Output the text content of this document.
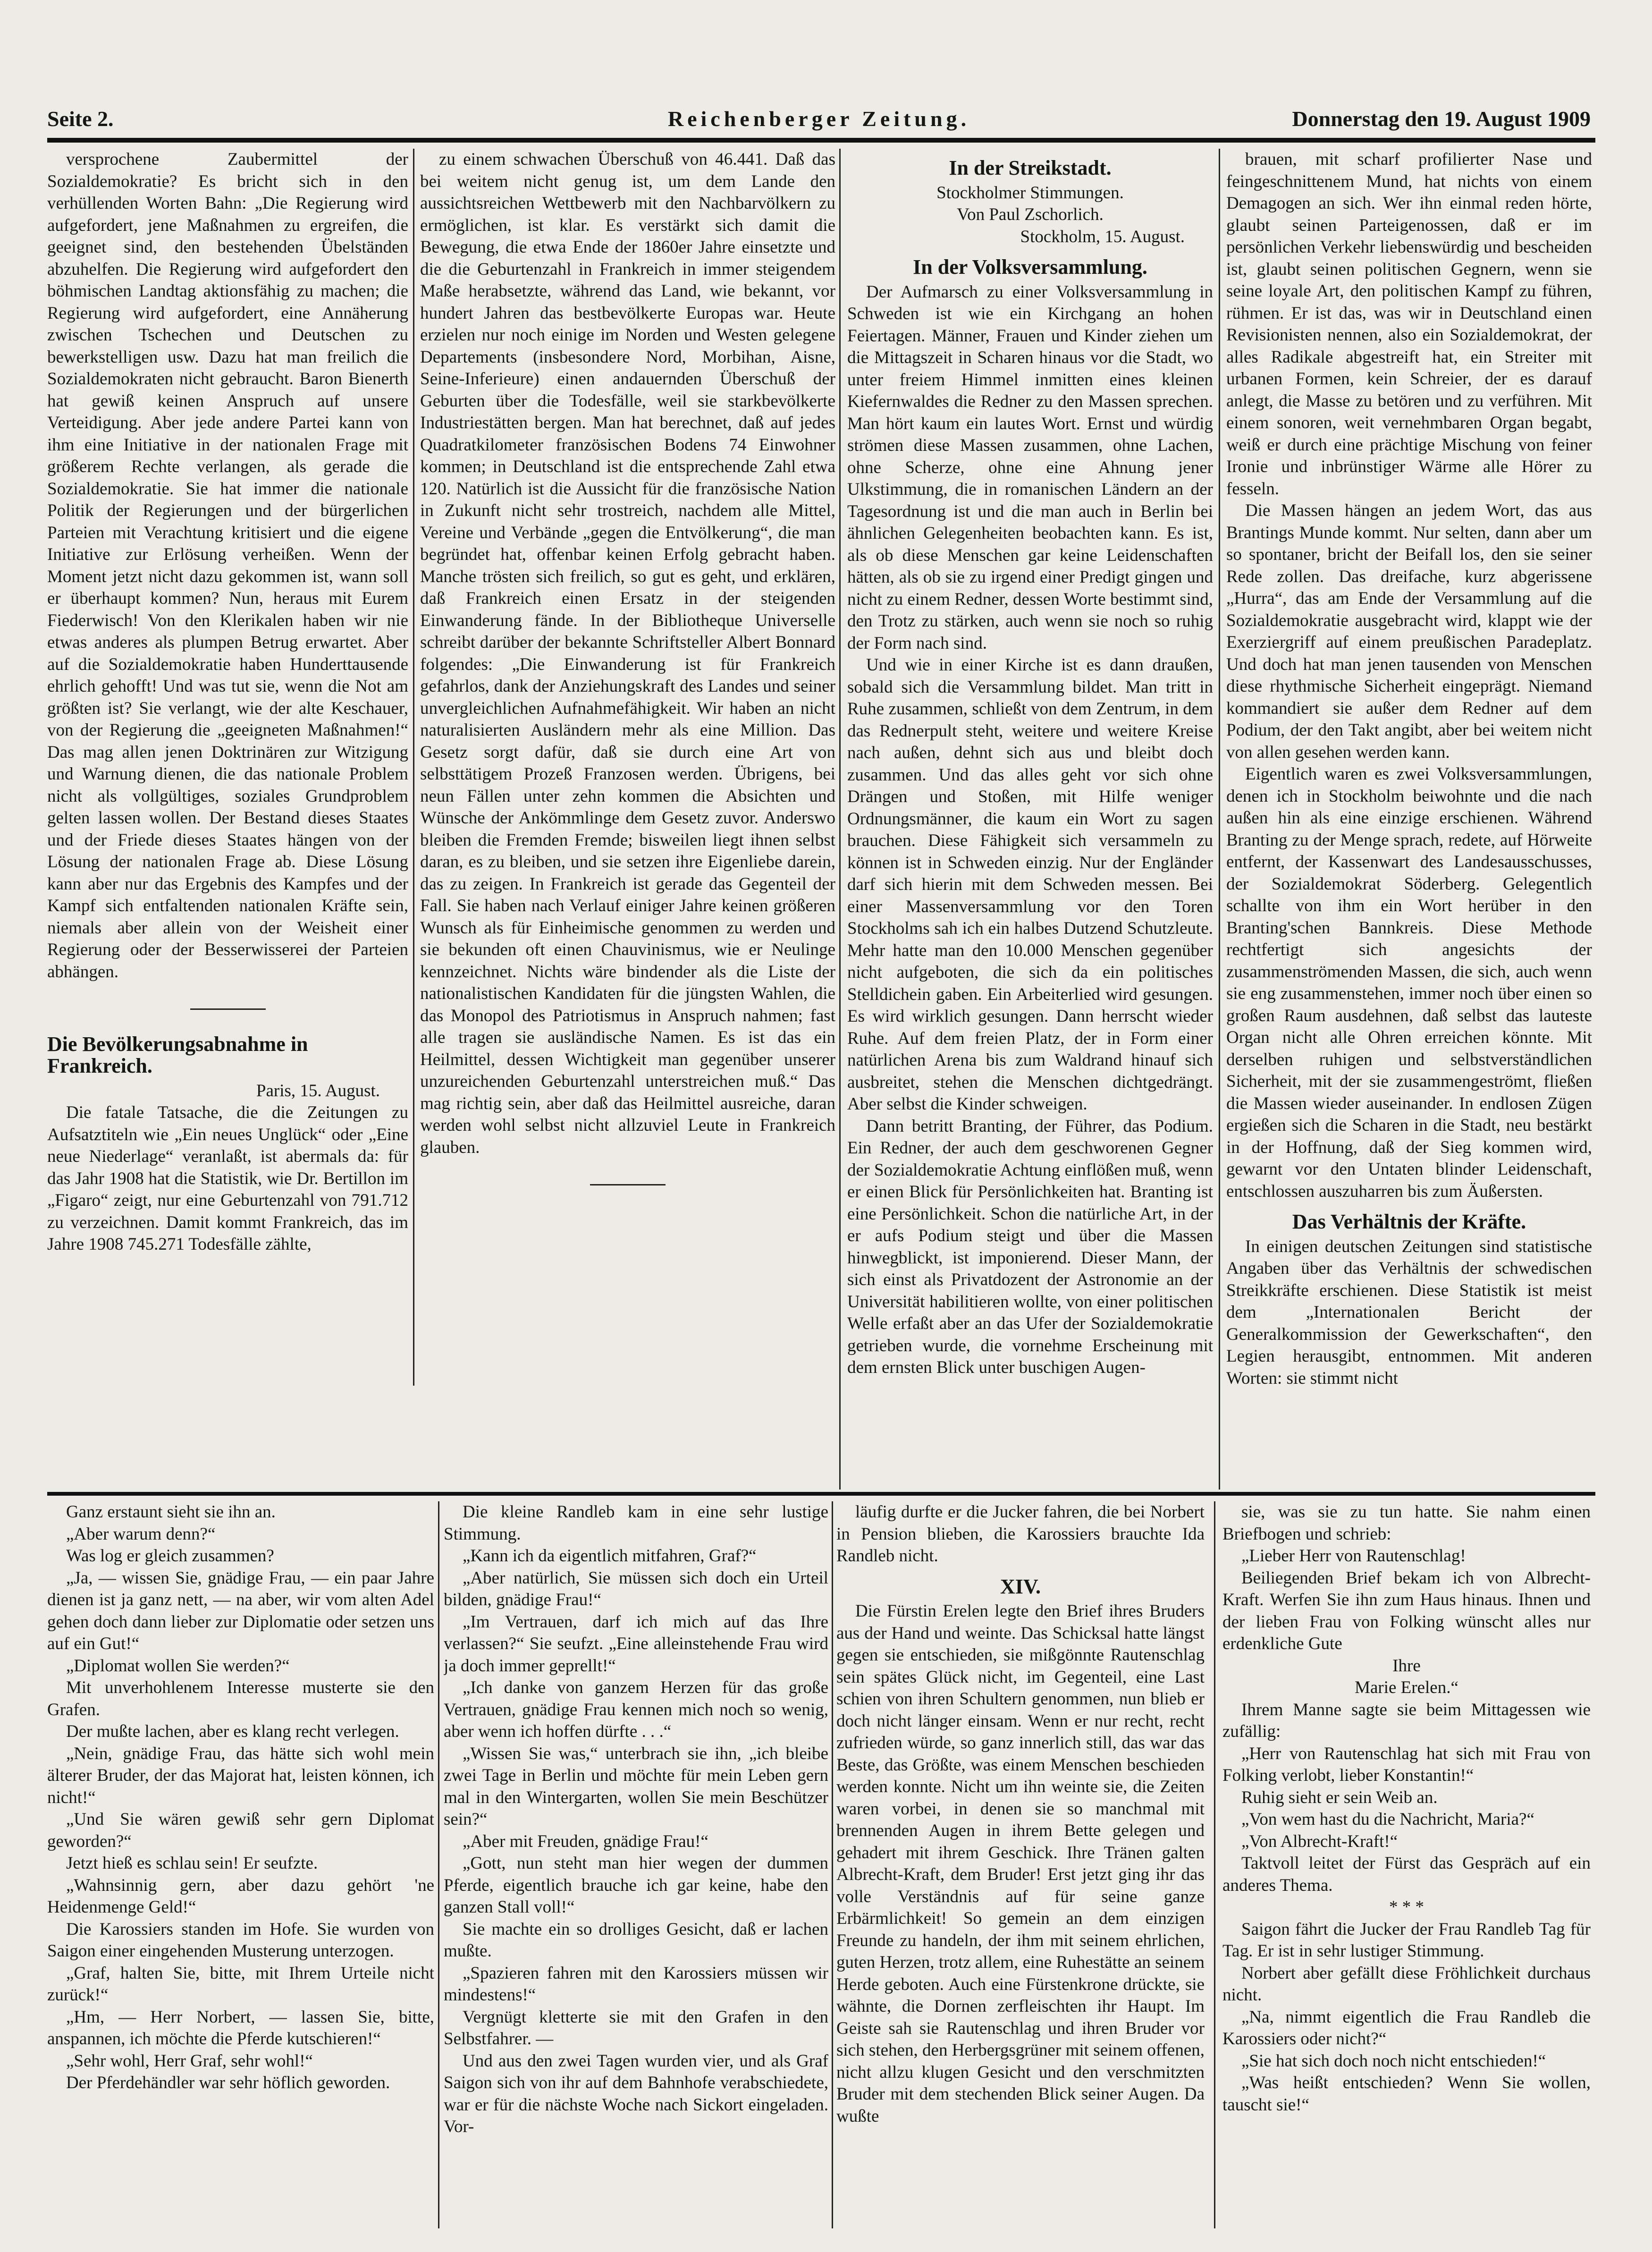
Seite 2.	Reichenberger Zeitung.	Donnerstag den 19. August 1909

versprochene Zaubermittel der Sozialdemokratie? Es bricht sich in den verhüllenden Worten Bahn: „Die Regierung wird aufgefordert, jene Maßnahmen zu ergreifen, die geeignet sind, den bestehenden Übelständen abzuhelfen. Die Regierung wird aufgefordert den böhmischen Landtag aktionsfähig zu machen; die Regierung wird aufgefordert, eine Annäherung zwischen Tschechen und Deutschen zu bewerkstelligen usw. Dazu hat man freilich die Sozialdemokraten nicht gebraucht. Baron Bienerth hat gewiß keinen Anspruch auf unsere Verteidigung. Aber jede andere Partei kann von ihm eine Initiative in der nationalen Frage mit größerem Rechte verlangen, als gerade die Sozialdemokratie. Sie hat immer die nationale Politik der Regierungen und der bürgerlichen Parteien mit Verachtung kritisiert und die eigene Initiative zur Erlösung verheißen. Wenn der Moment jetzt nicht dazu gekommen ist, wann soll er überhaupt kommen? Nun, heraus mit Eurem Fiederwisch! Von den Klerikalen haben wir nie etwas anderes als plumpen Betrug erwartet. Aber auf die Sozialdemokratie haben Hunderttausende ehrlich gehofft! Und was tut sie, wenn die Not am größten ist? Sie verlangt, wie der alte Keschauer, von der Regierung die „geeigneten Maßnahmen!“ Das mag allen jenen Doktrinären zur Witzigung und Warnung dienen, die das nationale Problem nicht als vollgültiges, soziales Grundproblem gelten lassen wollen. Der Bestand dieses Staates und der Friede dieses Staates hängen von der Lösung der nationalen Frage ab. Diese Lösung kann aber nur das Ergebnis des Kampfes und der Kampf sich entfaltenden nationalen Kräfte sein, niemals aber allein von der Weisheit einer Regierung oder der Besserwisserei der Parteien abhängen.

Die Bevölkerungsabnahme in Frankreich.

Paris, 15. August.

Die fatale Tatsache, die die Zeitungen zu Aufsatztiteln wie „Ein neues Unglück“ oder „Eine neue Niederlage“ veranlaßt, ist abermals da: für das Jahr 1908 hat die Statistik, wie Dr. Bertillon im „Figaro“ zeigt, nur eine Geburtenzahl von 791.712 zu verzeichnen. Damit kommt Frankreich, das im Jahre 1908 745.271 Todesfälle zählte,

zu einem schwachen Überschuß von 46.441. Daß das bei weitem nicht genug ist, um dem Lande den aussichtsreichen Wettbewerb mit den Nachbarvölkern zu ermöglichen, ist klar. Es verstärkt sich damit die Bewegung, die etwa Ende der 1860er Jahre einsetzte und die die Geburtenzahl in Frankreich in immer steigendem Maße herabsetzte, während das Land, wie bekannt, vor hundert Jahren das bestbevölkerte Europas war. Heute erzielen nur noch einige im Norden und Westen gelegene Departements (insbesondere Nord, Morbihan, Aisne, Seine-Inferieure) einen andauernden Überschuß der Geburten über die Todesfälle, weil sie starkbevölkerte Industriestätten bergen. Man hat berechnet, daß auf jedes Quadratkilometer französischen Bodens 74 Einwohner kommen; in Deutschland ist die entsprechende Zahl etwa 120. Natürlich ist die Aussicht für die französische Nation in Zukunft nicht sehr trostreich, nachdem alle Mittel, Vereine und Verbände „gegen die Entvölkerung“, die man begründet hat, offenbar keinen Erfolg gebracht haben. Manche trösten sich freilich, so gut es geht, und erklären, daß Frankreich einen Ersatz in der steigenden Einwanderung fände. In der Bibliotheque Universelle schreibt darüber der bekannte Schriftsteller Albert Bonnard folgendes: „Die Einwanderung ist für Frankreich gefahrlos, dank der Anziehungskraft des Landes und seiner unvergleichlichen Aufnahmefähigkeit. Wir haben an nicht naturalisierten Ausländern mehr als eine Million. Das Gesetz sorgt dafür, daß sie durch eine Art von selbsttätigem Prozeß Franzosen werden. Übrigens, bei neun Fällen unter zehn kommen die Absichten und Wünsche der Ankömmlinge dem Gesetz zuvor. Anderswo bleiben die Fremden Fremde; bisweilen liegt ihnen selbst daran, es zu bleiben, und sie setzen ihre Eigenliebe darein, das zu zeigen. In Frankreich ist gerade das Gegenteil der Fall. Sie haben nach Verlauf einiger Jahre keinen größeren Wunsch als für Einheimische genommen zu werden und sie bekunden oft einen Chauvinismus, wie er Neulinge kennzeichnet. Nichts wäre bindender als die Liste der nationalistischen Kandidaten für die jüngsten Wahlen, die das Monopol des Patriotismus in Anspruch nahmen; fast alle tragen sie ausländische Namen. Es ist das ein Heilmittel, dessen Wichtigkeit man gegenüber unserer unzureichenden Geburtenzahl unterstreichen muß.“ Das mag richtig sein, aber daß das Heilmittel ausreiche, daran werden wohl selbst nicht allzuviel Leute in Frankreich glauben.

In der Streikstadt.

Stockholmer Stimmungen.

Von Paul Zschorlich.

Stockholm, 15. August.

In der Volksversammlung.

Der Aufmarsch zu einer Volksversammlung in Schweden ist wie ein Kirchgang an hohen Feiertagen. Männer, Frauen und Kinder ziehen um die Mittagszeit in Scharen hinaus vor die Stadt, wo unter freiem Himmel inmitten eines kleinen Kiefernwaldes die Redner zu den Massen sprechen. Man hört kaum ein lautes Wort. Ernst und würdig strömen diese Massen zusammen, ohne Lachen, ohne Scherze, ohne eine Ahnung jener Ulkstimmung, die in romanischen Ländern an der Tagesordnung ist und die man auch in Berlin bei ähnlichen Gelegenheiten beobachten kann. Es ist, als ob diese Menschen gar keine Leidenschaften hätten, als ob sie zu irgend einer Predigt gingen und nicht zu einem Redner, dessen Worte bestimmt sind, den Trotz zu stärken, auch wenn sie noch so ruhig der Form nach sind.

Und wie in einer Kirche ist es dann draußen, sobald sich die Versammlung bildet. Man tritt in Ruhe zusammen, schließt von dem Zentrum, in dem das Rednerpult steht, weitere und weitere Kreise nach außen, dehnt sich aus und bleibt doch zusammen. Und das alles geht vor sich ohne Drängen und Stoßen, mit Hilfe weniger Ordnungsmänner, die kaum ein Wort zu sagen brauchen. Diese Fähigkeit sich versammeln zu können ist in Schweden einzig. Nur der Engländer darf sich hierin mit dem Schweden messen. Bei einer Massenversammlung vor den Toren Stockholms sah ich ein halbes Dutzend Schutzleute. Mehr hatte man den 10.000 Menschen gegenüber nicht aufgeboten, die sich da ein politisches Stelldichein gaben. Ein Arbeiterlied wird gesungen. Es wird wirklich gesungen. Dann herrscht wieder Ruhe. Auf dem freien Platz, der in Form einer natürlichen Arena bis zum Waldrand hinauf sich ausbreitet, stehen die Menschen dichtgedrängt. Aber selbst die Kinder schweigen.

Dann betritt Branting, der Führer, das Podium. Ein Redner, der auch dem geschworenen Gegner der Sozialdemokratie Achtung einflößen muß, wenn er einen Blick für Persönlichkeiten hat. Branting ist eine Persönlichkeit. Schon die natürliche Art, in der er aufs Podium steigt und über die Massen hinwegblickt, ist imponierend. Dieser Mann, der sich einst als Privatdozent der Astronomie an der Universität habilitieren wollte, von einer politischen Welle erfaßt aber an das Ufer der Sozialdemokratie getrieben wurde, die vornehme Erscheinung mit dem ernsten Blick unter buschigen Augen-

brauen, mit scharf profilierter Nase und feingeschnittenem Mund, hat nichts von einem Demagogen an sich. Wer ihn einmal reden hörte, glaubt seinen Parteigenossen, daß er im persönlichen Verkehr liebenswürdig und bescheiden ist, glaubt seinen politischen Gegnern, wenn sie seine loyale Art, den politischen Kampf zu führen, rühmen. Er ist das, was wir in Deutschland einen Revisionisten nennen, also ein Sozialdemokrat, der alles Radikale abgestreift hat, ein Streiter mit urbanen Formen, kein Schreier, der es darauf anlegt, die Masse zu betören und zu verführen. Mit einem sonoren, weit vernehmbaren Organ begabt, weiß er durch eine prächtige Mischung von feiner Ironie und inbrünstiger Wärme alle Hörer zu fesseln.

Die Massen hängen an jedem Wort, das aus Brantings Munde kommt. Nur selten, dann aber um so spontaner, bricht der Beifall los, den sie seiner Rede zollen. Das dreifache, kurz abgerissene „Hurra“, das am Ende der Versammlung auf die Sozialdemokratie ausgebracht wird, klappt wie der Exerziergriff auf einem preußischen Paradeplatz. Und doch hat man jenen tausenden von Menschen diese rhythmische Sicherheit eingeprägt. Niemand kommandiert sie außer dem Redner auf dem Podium, der den Takt angibt, aber bei weitem nicht von allen gesehen werden kann.

Eigentlich waren es zwei Volksversammlungen, denen ich in Stockholm beiwohnte und die nach außen hin als eine einzige erschienen. Während Branting zu der Menge sprach, redete, auf Hörweite entfernt, der Kassenwart des Landesausschusses, der Sozialdemokrat Söderberg. Gelegentlich schallte von ihm ein Wort herüber in den Branting'schen Bannkreis. Diese Methode rechtfertigt sich angesichts der zusammenströmenden Massen, die sich, auch wenn sie eng zusammenstehen, immer noch über einen so großen Raum ausdehnen, daß selbst das lauteste Organ nicht alle Ohren erreichen könnte. Mit derselben ruhigen und selbstverständlichen Sicherheit, mit der sie zusammengeströmt, fließen die Massen wieder auseinander. In endlosen Zügen ergießen sich die Scharen in die Stadt, neu bestärkt in der Hoffnung, daß der Sieg kommen wird, gewarnt vor den Untaten blinder Leidenschaft, entschlossen auszuharren bis zum Äußersten.

Das Verhältnis der Kräfte.

In einigen deutschen Zeitungen sind statistische Angaben über das Verhältnis der schwedischen Streikkräfte erschienen. Diese Statistik ist meist dem „Internationalen Bericht der Generalkommission der Gewerkschaften“, den Legien herausgibt, entnommen. Mit anderen Worten: sie stimmt nicht

Ganz erstaunt sieht sie ihn an.

„Aber warum denn?“

Was log er gleich zusammen?

„Ja, — wissen Sie, gnädige Frau, — ein paar Jahre dienen ist ja ganz nett, — na aber, wir vom alten Adel gehen doch dann lieber zur Diplomatie oder setzen uns auf ein Gut!“

„Diplomat wollen Sie werden?“

Mit unverhohlenem Interesse musterte sie den Grafen.

Der mußte lachen, aber es klang recht verlegen.

„Nein, gnädige Frau, das hätte sich wohl mein älterer Bruder, der das Majorat hat, leisten können, ich nicht!“

„Und Sie wären gewiß sehr gern Diplomat geworden?“

Jetzt hieß es schlau sein! Er seufzte.

„Wahnsinnig gern, aber dazu gehört 'ne Heidenmenge Geld!“

Die Karossiers standen im Hofe. Sie wurden von Saigon einer eingehenden Musterung unterzogen.

„Graf, halten Sie, bitte, mit Ihrem Urteile nicht zurück!“

„Hm, — Herr Norbert, — lassen Sie, bitte, anspannen, ich möchte die Pferde kutschieren!“

„Sehr wohl, Herr Graf, sehr wohl!“

Der Pferdehändler war sehr höflich geworden.

Die kleine Randleb kam in eine sehr lustige Stimmung.

„Kann ich da eigentlich mitfahren, Graf?“

„Aber natürlich, Sie müssen sich doch ein Urteil bilden, gnädige Frau!“

„Im Vertrauen, darf ich mich auf das Ihre verlassen?“ Sie seufzt. „Eine alleinstehende Frau wird ja doch immer geprellt!“

„Ich danke von ganzem Herzen für das große Vertrauen, gnädige Frau kennen mich noch so wenig, aber wenn ich hoffen dürfte . . .“

„Wissen Sie was,“ unterbrach sie ihn, „ich bleibe zwei Tage in Berlin und möchte für mein Leben gern mal in den Wintergarten, wollen Sie mein Beschützer sein?“

„Aber mit Freuden, gnädige Frau!“

„Gott, nun steht man hier wegen der dummen Pferde, eigentlich brauche ich gar keine, habe den ganzen Stall voll!“

Sie machte ein so drolliges Gesicht, daß er lachen mußte.

„Spazieren fahren mit den Karossiers müssen wir mindestens!“

Vergnügt kletterte sie mit den Grafen in den Selbstfahrer. —

Und aus den zwei Tagen wurden vier, und als Graf Saigon sich von ihr auf dem Bahnhofe verabschiedete, war er für die nächste Woche nach Sickort eingeladen. Vor-

läufig durfte er die Jucker fahren, die bei Norbert in Pension blieben, die Karossiers brauchte Ida Randleb nicht.

XIV.

Die Fürstin Erelen legte den Brief ihres Bruders aus der Hand und weinte. Das Schicksal hatte längst gegen sie entschieden, sie mißgönnte Rautenschlag sein spätes Glück nicht, im Gegenteil, eine Last schien von ihren Schultern genommen, nun blieb er doch nicht länger einsam. Wenn er nur recht, recht zufrieden würde, so ganz innerlich still, das war das Beste, das Größte, was einem Menschen beschieden werden konnte. Nicht um ihn weinte sie, die Zeiten waren vorbei, in denen sie so manchmal mit brennenden Augen in ihrem Bette gelegen und gehadert mit ihrem Geschick. Ihre Tränen galten Albrecht-Kraft, dem Bruder! Erst jetzt ging ihr das volle Verständnis auf für seine ganze Erbärmlichkeit! So gemein an dem einzigen Freunde zu handeln, der ihm mit seinem ehrlichen, guten Herzen, trotz allem, eine Ruhestätte an seinem Herde geboten. Auch eine Fürstenkrone drückte, sie wähnte, die Dornen zerfleischten ihr Haupt. Im Geiste sah sie Rautenschlag und ihren Bruder vor sich stehen, den Herbergsgrüner mit seinem offenen, nicht allzu klugen Gesicht und den verschmitzten Bruder mit dem stechenden Blick seiner Augen. Da wußte

sie, was sie zu tun hatte. Sie nahm einen Briefbogen und schrieb:

„Lieber Herr von Rautenschlag!

Beiliegenden Brief bekam ich von Albrecht-Kraft. Werfen Sie ihn zum Haus hinaus. Ihnen und der lieben Frau von Folking wünscht alles nur erdenkliche Gute

Ihre

Marie Erelen.“

Ihrem Manne sagte sie beim Mittagessen wie zufällig:

„Herr von Rautenschlag hat sich mit Frau von Folking verlobt, lieber Konstantin!“

Ruhig sieht er sein Weib an.

„Von wem hast du die Nachricht, Maria?“

„Von Albrecht-Kraft!“

Taktvoll leitet der Fürst das Gespräch auf ein anderes Thema.

* * *

Saigon fährt die Jucker der Frau Randleb Tag für Tag. Er ist in sehr lustiger Stimmung.

Norbert aber gefällt diese Fröhlichkeit durchaus nicht.

„Na, nimmt eigentlich die Frau Randleb die Karossiers oder nicht?“

„Sie hat sich doch noch nicht entschieden!“

„Was heißt entschieden? Wenn Sie wollen, tauscht sie!“
